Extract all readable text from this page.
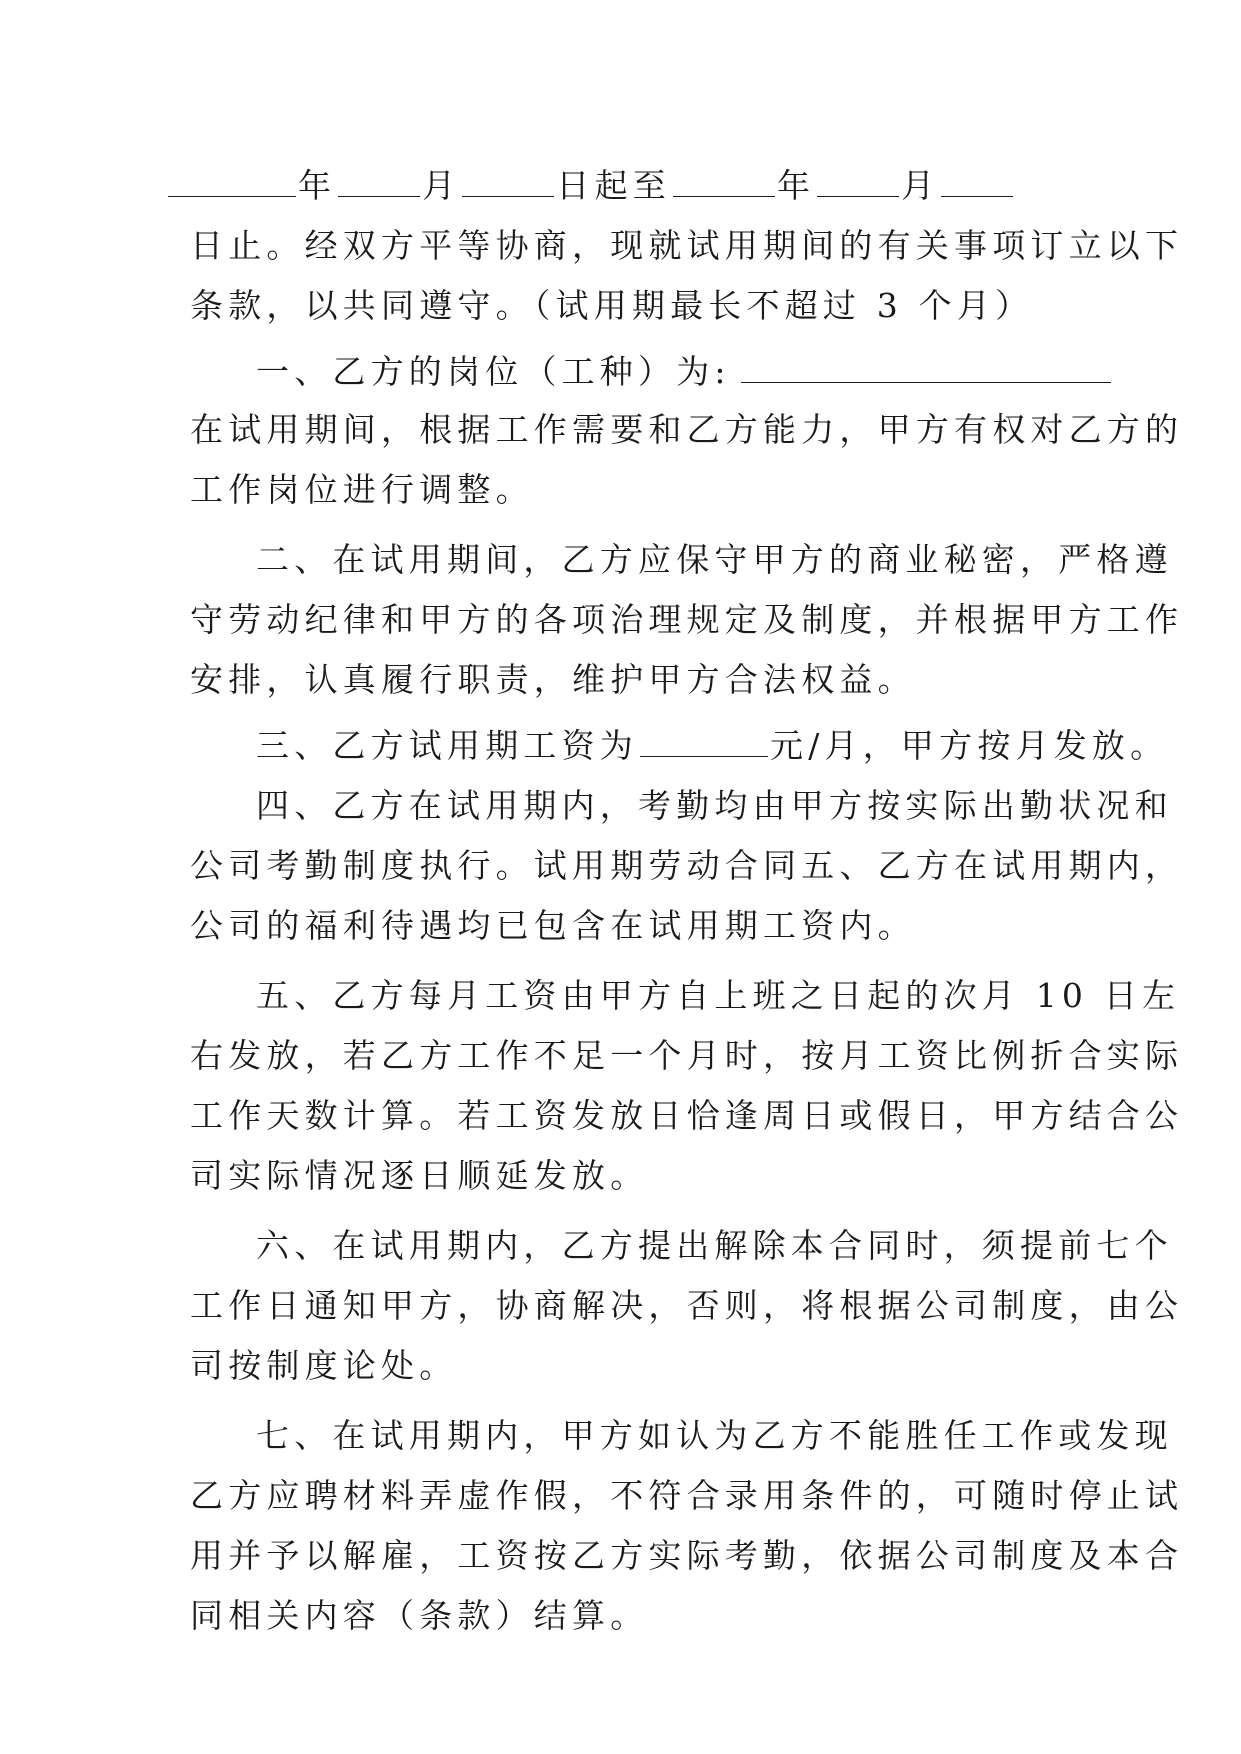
年	月	日起至	年	月
日止。经双方平等协商，现就试用期间的有关事项订立以下
条款，以共同遵守。（试用期最长不超过 3 个月）
一、乙方的岗位（工种）为:
在试用期间，根据工作需要和乙方能力，甲方有权对乙方的
工作岗位进行调整。
二、在试用期间，乙方应保守甲方的商业秘密，严格遵
守劳动纪律和甲方的各项治理规定及制度，并根据甲方工作
安排，认真履行职责，维护甲方合法权益。
三、乙方试用期工资为	元/月，甲方按月发放。
四、乙方在试用期内，考勤均由甲方按实际出勤状况和
公司考勤制度执行。试用期劳动合同五、乙方在试用期内，
公司的福利待遇均已包含在试用期工资内。
五、乙方每月工资由甲方自上班之日起的次月 10 日左
右发放，若乙方工作不足一个月时，按月工资比例折合实际
工作天数计算。若工资发放日恰逢周日或假日，甲方结合公
司实际情况逐日顺延发放。
六、在试用期内，乙方提出解除本合同时，须提前七个
工作日通知甲方，协商解决，否则，将根据公司制度，由公
司按制度论处。
七、在试用期内，甲方如认为乙方不能胜任工作或发现
乙方应聘材料弄虚作假，不符合录用条件的，可随时停止试
用并予以解雇，工资按乙方实际考勤，依据公司制度及本合
同相关内容（条款）结算。
